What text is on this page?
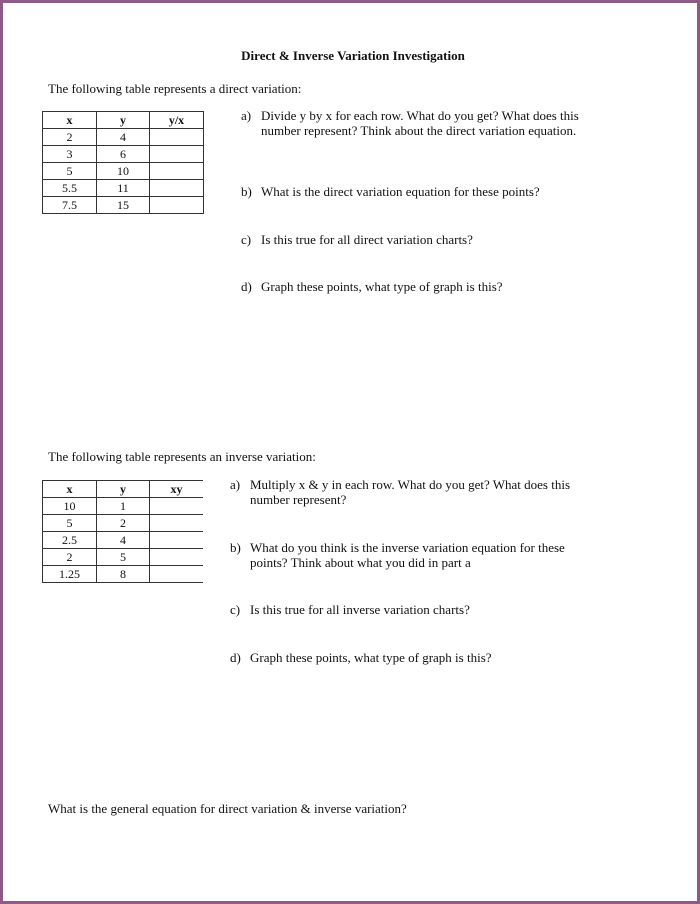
Direct & Inverse Variation Investigation
The following table represents a direct variation:
x	y	y/x
2	4	
3	6	
5	10	
5.5	11	
7.5	15	
a) Divide y by x for each row. What do you get? What does this number represent? Think about the direct variation equation.
b) What is the direct variation equation for these points?
c) Is this true for all direct variation charts?
d) Graph these points, what type of graph is this?
The following table represents an inverse variation:
x	y	xy
10	1	
5	2	
2.5	4	
2	5	
1.25	8	
a) Multiply x & y in each row. What do you get? What does this number represent?
b) What do you think is the inverse variation equation for these points? Think about what you did in part a
c) Is this true for all inverse variation charts?
d) Graph these points, what type of graph is this?
What is the general equation for direct variation & inverse variation?
